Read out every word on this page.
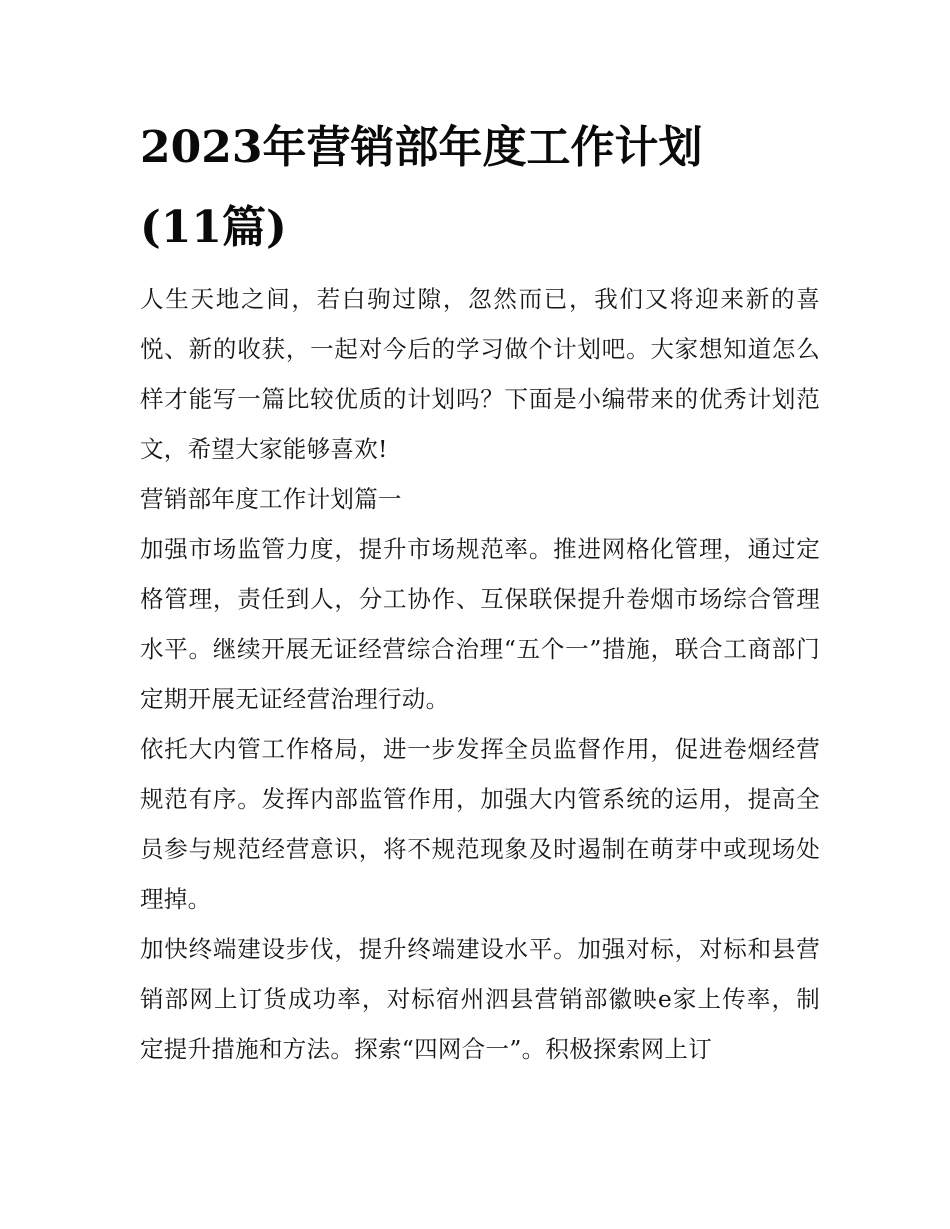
2023年营销部年度工作计划
(11篇)

人生天地之间，若白驹过隙，忽然而已，我们又将迎来新的喜悦、新的收获，一起对今后的学习做个计划吧。大家想知道怎么样才能写一篇比较优质的计划吗？下面是小编带来的优秀计划范文，希望大家能够喜欢!

营销部年度工作计划篇一

加强市场监管力度，提升市场规范率。推进网格化管理，通过定格管理，责任到人，分工协作、互保联保提升卷烟市场综合管理水平。继续开展无证经营综合治理“五个一”措施，联合工商部门定期开展无证经营治理行动。

依托大内管工作格局，进一步发挥全员监督作用，促进卷烟经营规范有序。发挥内部监管作用，加强大内管系统的运用，提高全员参与规范经营意识，将不规范现象及时遏制在萌芽中或现场处理掉。

加快终端建设步伐，提升终端建设水平。加强对标，对标和县营销部网上订货成功率，对标宿州泗县营销部徽映e家上传率，制定提升措施和方法。探索“四网合一”。积极探索网上订
